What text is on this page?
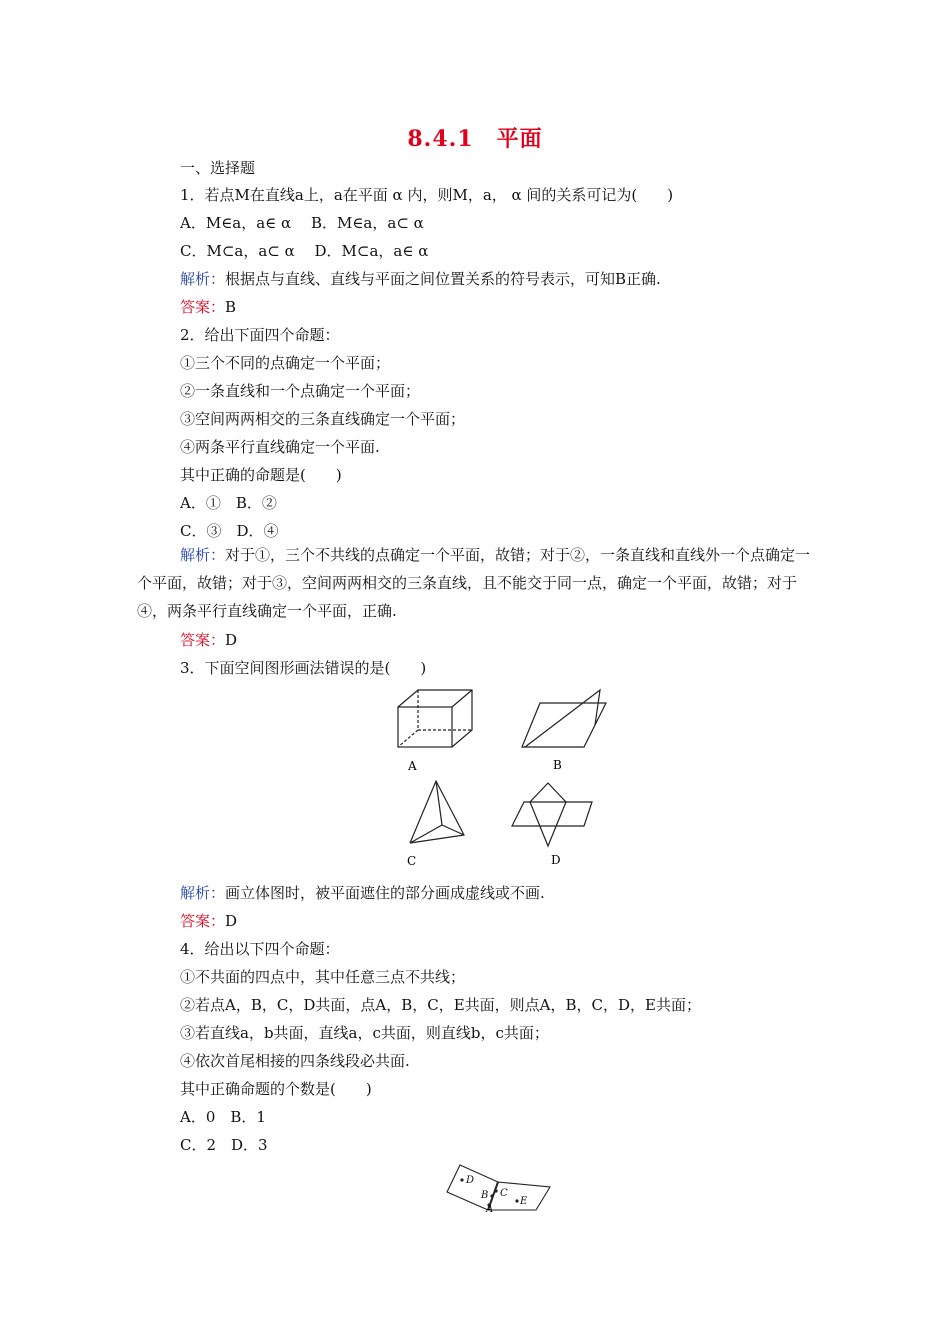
8.4.1　平面
一、选择题
1．若点M在直线a上，a在平面 α 内，则M，a， α 间的关系可记为(　　)
A．M∈a，a∈ α 　B．M∈a，a⊂ α
C．M⊂a，a⊂ α 　D．M⊂a，a∈ α
解析：根据点与直线、直线与平面之间位置关系的符号表示，可知B正确.
答案：B
2．给出下面四个命题：
①三个不同的点确定一个平面；
②一条直线和一个点确定一个平面；
③空间两两相交的三条直线确定一个平面；
④两条平行直线确定一个平面.
其中正确的命题是(　　)
A．①　B．②
C．③　D．④
解析：对于①，三个不共线的点确定一个平面，故错；对于②，一条直线和直线外一个点确定一个平面，故错；对于③，空间两两相交的三条直线，且不能交于同一点，确定一个平面，故错；对于④，两条平行直线确定一个平面，正确.
答案：D
3．下面空间图形画法错误的是(　　)
A	B
C	D
解析：画立体图时，被平面遮住的部分画成虚线或不画.
答案：D
4．给出以下四个命题：
①不共面的四点中，其中任意三点不共线；
②若点A，B，C，D共面，点A，B，C，E共面，则点A，B，C，D，E共面；
③若直线a，b共面，直线a，c共面，则直线b，c共面；
④依次首尾相接的四条线段必共面.
其中正确命题的个数是(　　)
A．0　B．1
C．2　D．3
D
B C
A
E
